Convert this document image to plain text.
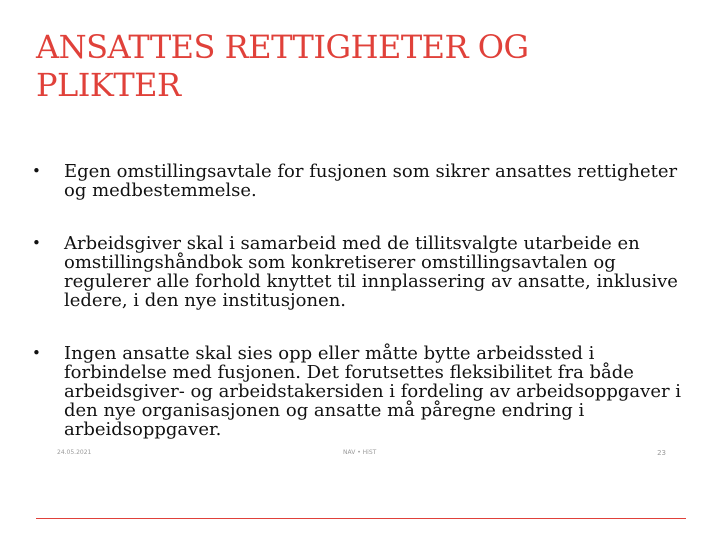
ANSATTES RETTIGHETER OG PLIKTER
• Egen omstillingsavtale for fusjonen som sikrer ansattes rettigheter og medbestemmelse.
• Arbeidsgiver skal i samarbeid med de tillitsvalgte utarbeide en omstillingshåndbok som konkretiserer omstillingsavtalen og regulerer alle forhold knyttet til innplassering av ansatte, inklusive ledere, i den nye institusjonen.
• Ingen ansatte skal sies opp eller måtte bytte arbeidssted i forbindelse med fusjonen. Det forutsettes fleksibilitet fra både arbeidsgiver- og arbeidstakersiden i fordeling av arbeidsoppgaver i den nye organisasjonen og ansatte må påregne endring i arbeidsoppgaver.
24.05.2021	NAV • HiST	23
